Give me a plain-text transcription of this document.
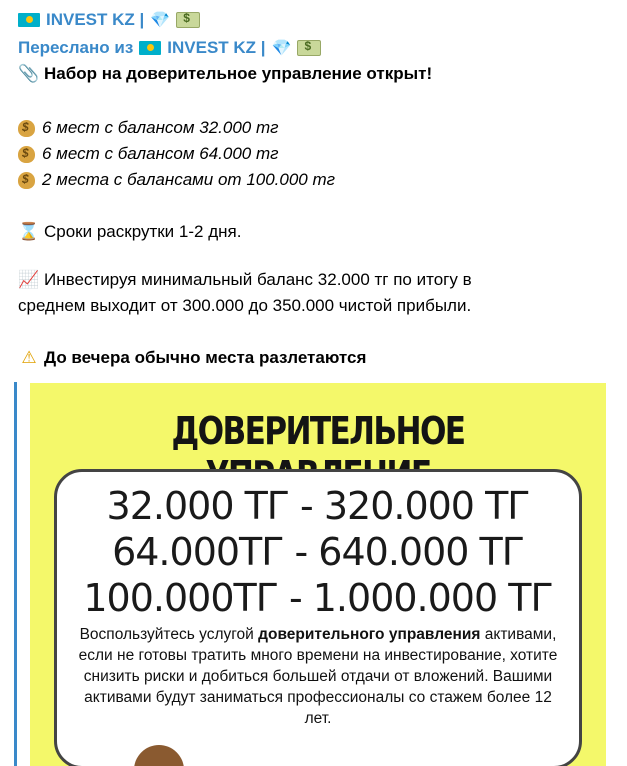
INVEST KZ | 💎
$
Переслано из INVEST KZ | 💎
$
📎 Набор на доверительное управление открыт!
$
6 мест с балансом 32.000 тг
$
6 мест с балансом 64.000 тг
$
2 места с балансами от 100.000 тг
⌛ Сроки раскрутки 1-2 дня.
📈 Инвестируя минимальный баланс 32.000 тг по итогу в
среднем выходит от 300.000 до 350.000 чистой прибыли.
⚠ До вечера обычно места разлетаются
ДОВЕРИТЕЛЬНОЕ
32.000 ТГ - 320.000 ТГ
64.000ТГ - 640.000 ТГ
100.000ТГ - 1.000.000 ТГ
Воспользуйтесь услугой доверительного управления активами, если не готовы тратить много времени на инвестирование, хотите снизить риски и добиться большей отдачи от вложений. Вашими активами будут заниматься профессионалы со стажем более 12 лет.
